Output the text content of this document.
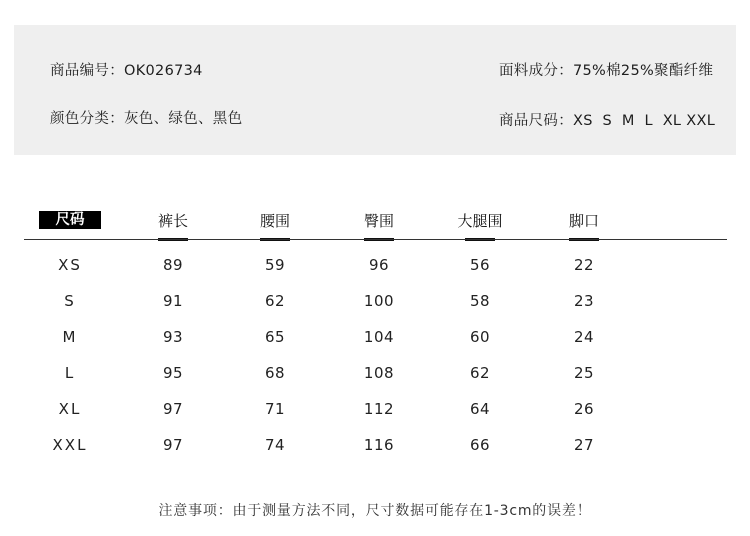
商品编号：OK026734	面料成分：75%棉25%聚酯纤维
颜色分类：灰色、绿色、黑色	商品尺码：XS  S  M  L  XL XXL
尺码	裤长	腰围	臀围	大腿围	脚口
XS	89	59	96	56	22
S	91	62	100	58	23
M	93	65	104	60	24
L	95	68	108	62	25
XL	97	71	112	64	26
XXL	97	74	116	66	27
注意事项：由于测量方法不同，尺寸数据可能存在1-3cm的误差！
